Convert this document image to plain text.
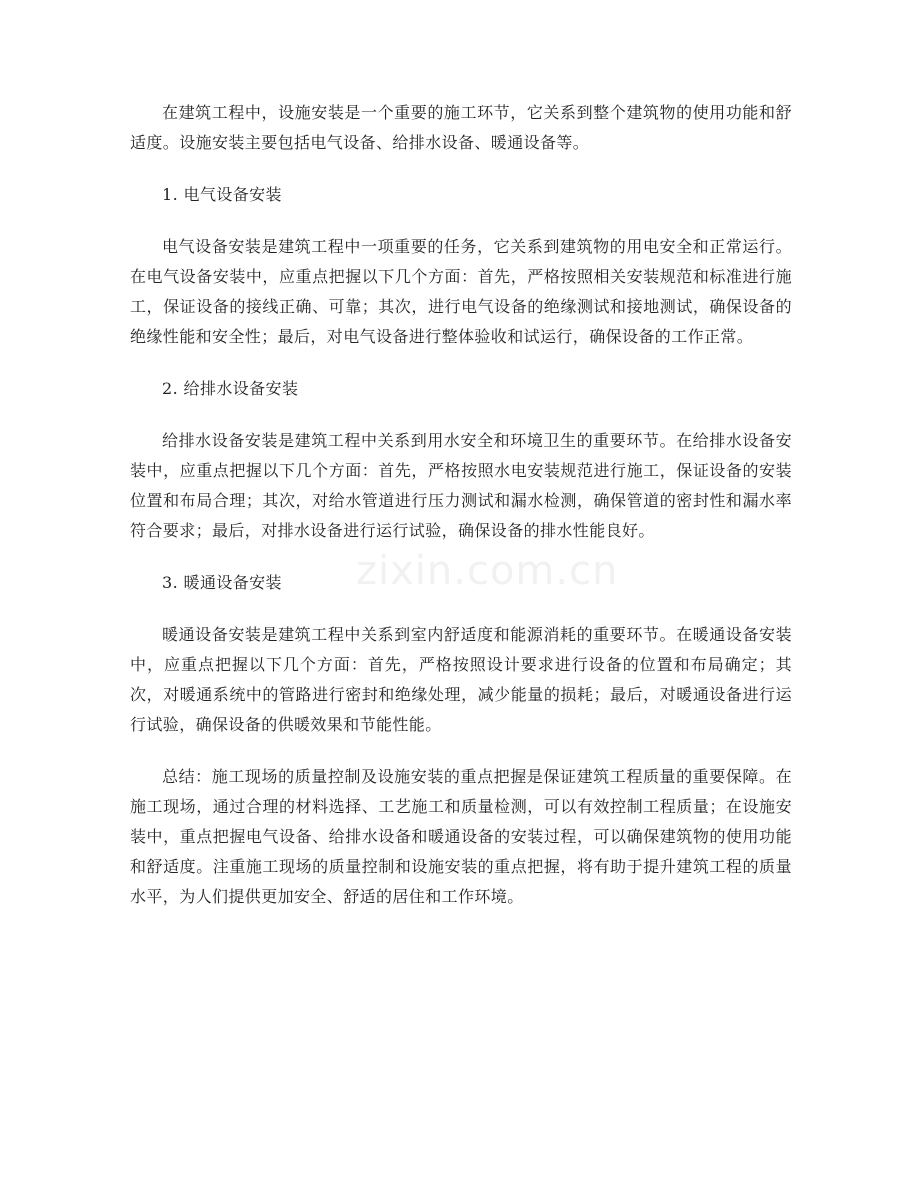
在建筑工程中，设施安装是一个重要的施工环节，它关系到整个建筑物的使用功能和舒适度。设施安装主要包括电气设备、给排水设备、暖通设备等。

1. 电气设备安装

电气设备安装是建筑工程中一项重要的任务，它关系到建筑物的用电安全和正常运行。在电气设备安装中，应重点把握以下几个方面：首先，严格按照相关安装规范和标准进行施工，保证设备的接线正确、可靠；其次，进行电气设备的绝缘测试和接地测试，确保设备的绝缘性能和安全性；最后，对电气设备进行整体验收和试运行，确保设备的工作正常。

2. 给排水设备安装

给排水设备安装是建筑工程中关系到用水安全和环境卫生的重要环节。在给排水设备安装中，应重点把握以下几个方面：首先，严格按照水电安装规范进行施工，保证设备的安装位置和布局合理；其次，对给水管道进行压力测试和漏水检测，确保管道的密封性和漏水率符合要求；最后，对排水设备进行运行试验，确保设备的排水性能良好。

3. 暖通设备安装

暖通设备安装是建筑工程中关系到室内舒适度和能源消耗的重要环节。在暖通设备安装中，应重点把握以下几个方面：首先，严格按照设计要求进行设备的位置和布局确定；其次，对暖通系统中的管路进行密封和绝缘处理，减少能量的损耗；最后，对暖通设备进行运行试验，确保设备的供暖效果和节能性能。

总结：施工现场的质量控制及设施安装的重点把握是保证建筑工程质量的重要保障。在施工现场，通过合理的材料选择、工艺施工和质量检测，可以有效控制工程质量；在设施安装中，重点把握电气设备、给排水设备和暖通设备的安装过程，可以确保建筑物的使用功能和舒适度。注重施工现场的质量控制和设施安装的重点把握，将有助于提升建筑工程的质量水平，为人们提供更加安全、舒适的居住和工作环境。

zixin.com.cn
